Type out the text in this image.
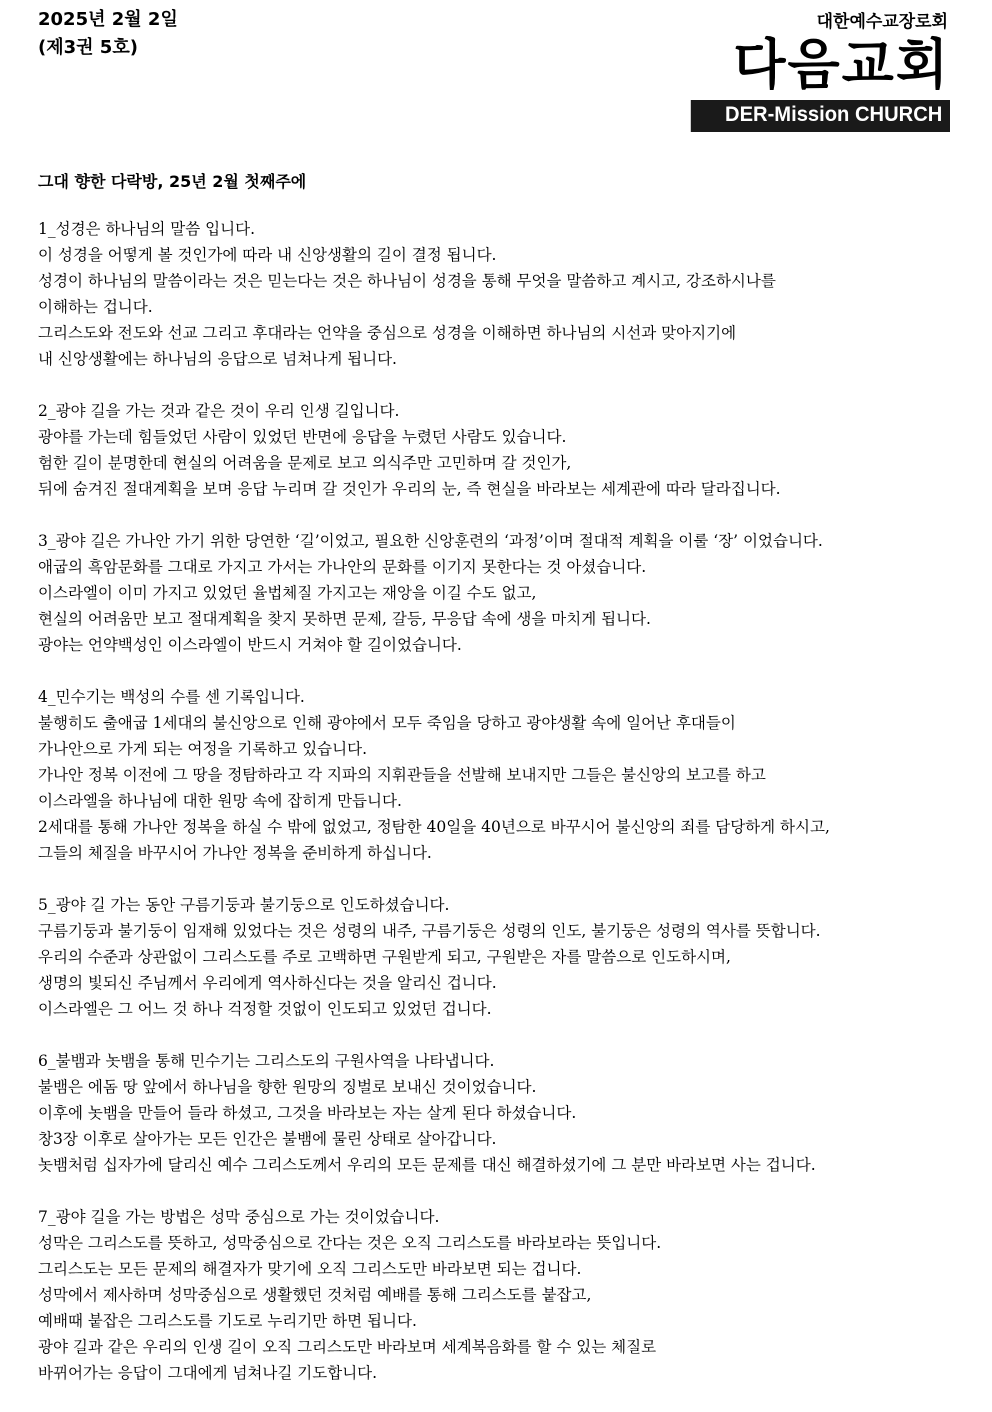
2025년 2월 2일
(제3권 5호)
대한예수교장로회
다음교회
DER-Mission CHURCH
그대 향한 다락방, 25년 2월 첫째주에
1_성경은 하나님의 말씀 입니다.
이 성경을 어떻게 볼 것인가에 따라 내 신앙생활의 길이 결정 됩니다.
성경이 하나님의 말씀이라는 것은 믿는다는 것은 하나님이 성경을 통해 무엇을 말씀하고 계시고, 강조하시나를
이해하는 겁니다.
그리스도와 전도와 선교 그리고 후대라는 언약을 중심으로 성경을 이해하면 하나님의 시선과 맞아지기에
내 신앙생활에는 하나님의 응답으로 넘쳐나게 됩니다.
2_광야 길을 가는 것과 같은 것이 우리 인생 길입니다.
광야를 가는데 힘들었던 사람이 있었던 반면에 응답을 누렸던 사람도 있습니다.
험한 길이 분명한데 현실의 어려움을 문제로 보고 의식주만 고민하며 갈 것인가,
뒤에 숨겨진 절대계획을 보며 응답 누리며 갈 것인가 우리의 눈, 즉 현실을 바라보는 세계관에 따라 달라집니다.
3_광야 길은 가나안 가기 위한 당연한 ‘길’이었고, 필요한 신앙훈련의 ‘과정’이며 절대적 계획을 이룰 ‘장’ 이었습니다.
애굽의 흑암문화를 그대로 가지고 가서는 가나안의 문화를 이기지 못한다는 것 아셨습니다.
이스라엘이 이미 가지고 있었던 율법체질 가지고는 재앙을 이길 수도 없고,
현실의 어려움만 보고 절대계획을 찾지 못하면 문제, 갈등, 무응답 속에 생을 마치게 됩니다.
광야는 언약백성인 이스라엘이 반드시 거쳐야 할 길이었습니다.
4_민수기는 백성의 수를 센 기록입니다.
불행히도 출애굽 1세대의 불신앙으로 인해 광야에서 모두 죽임을 당하고 광야생활 속에 일어난 후대들이
가나안으로 가게 되는 여정을 기록하고 있습니다.
가나안 정복 이전에 그 땅을 정탐하라고 각 지파의 지휘관들을 선발해 보내지만 그들은 불신앙의 보고를 하고
이스라엘을 하나님에 대한 원망 속에 잡히게 만듭니다.
2세대를 통해 가나안 정복을 하실 수 밖에 없었고, 정탐한 40일을 40년으로 바꾸시어 불신앙의 죄를 담당하게 하시고,
그들의 체질을 바꾸시어 가나안 정복을 준비하게 하십니다.
5_광야 길 가는 동안 구름기둥과 불기둥으로 인도하셨습니다.
구름기둥과 불기둥이 임재해 있었다는 것은 성령의 내주, 구름기둥은 성령의 인도, 불기둥은 성령의 역사를 뜻합니다.
우리의 수준과 상관없이 그리스도를 주로 고백하면 구원받게 되고, 구원받은 자를 말씀으로 인도하시며,
생명의 빛되신 주님께서 우리에게 역사하신다는 것을 알리신 겁니다.
이스라엘은 그 어느 것 하나 걱정할 것없이 인도되고 있었던 겁니다.
6_불뱀과 놋뱀을 통해 민수기는 그리스도의 구원사역을 나타냅니다.
불뱀은 에돔 땅 앞에서 하나님을 향한 원망의 징벌로 보내신 것이었습니다.
이후에 놋뱀을 만들어 들라 하셨고, 그것을 바라보는 자는 살게 된다 하셨습니다.
창3장 이후로 살아가는 모든 인간은 불뱀에 물린 상태로 살아갑니다.
놋뱀처럼 십자가에 달리신 예수 그리스도께서 우리의 모든 문제를 대신 해결하셨기에 그 분만 바라보면 사는 겁니다.
7_광야 길을 가는 방법은 성막 중심으로 가는 것이었습니다.
성막은 그리스도를 뜻하고, 성막중심으로 간다는 것은 오직 그리스도를 바라보라는 뜻입니다.
그리스도는 모든 문제의 해결자가 맞기에 오직 그리스도만 바라보면 되는 겁니다.
성막에서 제사하며 성막중심으로 생활했던 것처럼 예배를 통해 그리스도를 붙잡고,
예배때 붙잡은 그리스도를 기도로 누리기만 하면 됩니다.
광야 길과 같은 우리의 인생 길이 오직 그리스도만 바라보며 세계복음화를 할 수 있는 체질로
바뀌어가는 응답이 그대에게 넘쳐나길 기도합니다.
